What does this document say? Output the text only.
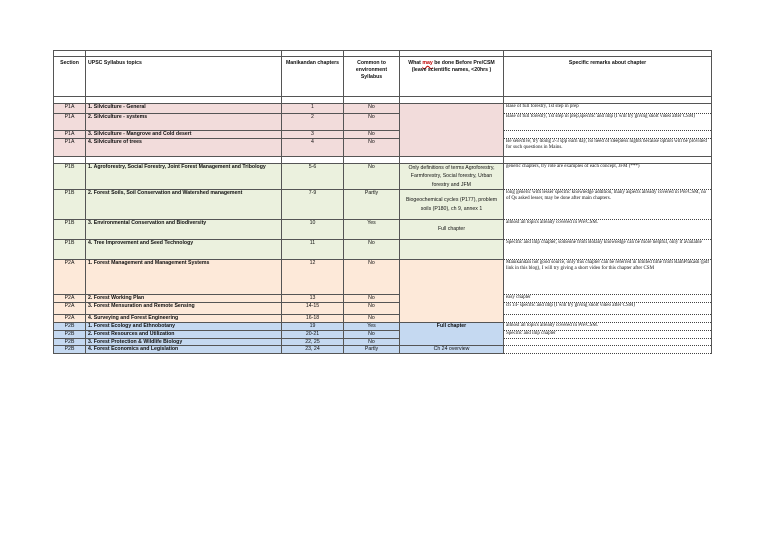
Section	UPSC Syllabus topics	Manikandan chapters	Common to environment Syllabus	What may be done Before Pre/CSM (leave scientific names, <20hrs )	Specific remarks about chapter

P1A	1. Silviculture - General	1	No		Base of full forestry, 1st step in prep
P1A	2. Silviculture - systems	2	No		Base of full forestry, 1st step in prep,specific and imp (I will try giving short video after CSM)
P1A	3. Silviculture - Mangrove and Cold desert	3	No		
P1A	4. Silviculture of trees	4	No		Be selective, try doing 2-3 spp each day, no need of sleepless nights because option will be provided for such questions in Mains.

P1B	1. Agroforestry, Social Forestry, Joint Forest Management and Tribology	5-6	No	Only definitions of terms Agroforestry, Farmforestry, Social forestry, Urban forestry and JFM	generic chapters, try rote are examples of each concept, JFM (***)
P1B	2. Forest Soils, Soil Conservation and Watershed management	7-9	Partly	Biogeochemical cycles (P177), problem soils (P180), ch 9, annex 1	long generic with lesser specific knowledge addition, many aspects already covered in Pre/CSM, no of Qs asked lesser, may be done after main chapters.
P1B	3. Environmental Conservation and Biodiversity	10	Yes	Full chapter	almost all topics already covered in Pre/CSM.
P1B	4. Tree Improvement and Seed Technology	11	No		Specific and imp chapter, someone from Botany knowledge can be more helpful, only if available
P2A	1. Forest Management and Management Systems	12	No		Manikandan not good source, only this chapter can be referred in limited time from RamPrakash (pdf link in this blog), I will try giving a short video for this chapter after CSM
P2A	2. Forest Working Plan	13	No		easy chapter
P2A	3. Forest Mensuration and Remote Sensing	14-15	No		ch 14- specific and imp (I will try giving short video after CSM)
P2A	4. Surveying and Forest Engineering	16-18	No		
P2B	1. Forest Ecology and Ethnobotany	19	Yes	Full chapter	almost all topics already covered in Pre/CSM.
P2B	2. Forest Resources and Utilization	20-21	No		Specific and imp chapter
P2B	3. Forest Protection & Wildlife Biology	22, 25	No		
P2B	4. Forest Economics and Legislation	23, 24	Partly	Ch 24 overview	
